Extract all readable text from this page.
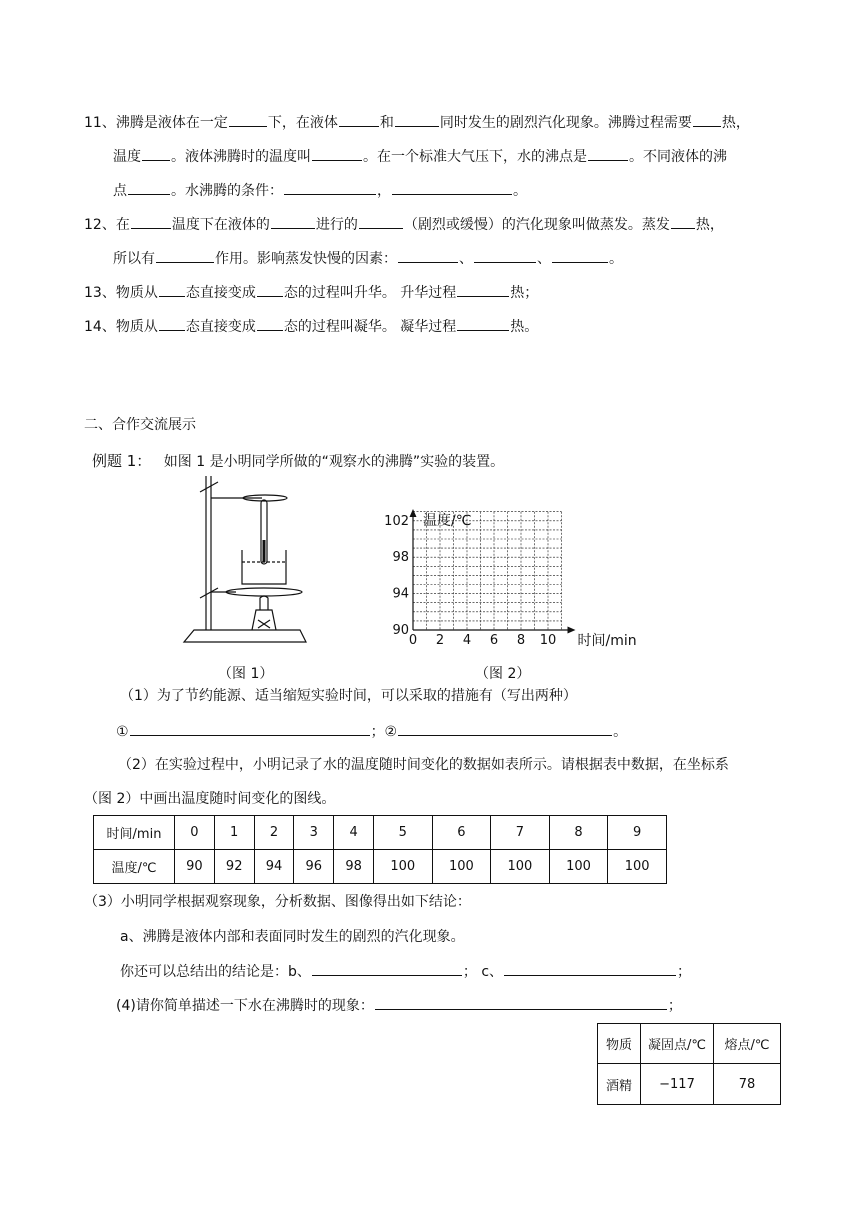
11、沸腾是液体在一定	下，在液体	和	同时发生的剧烈汽化现象。沸腾过程需要 热，
温度 。液体沸腾时的温度叫	。在一个标准大气压下，水的沸点是	。不同液体的沸
点	。水沸腾的条件：	，	。
12、在	温度下在液体的	进行的	（剧烈或缓慢）的汽化现象叫做蒸发。蒸发 热，
所以有	作用。影响蒸发快慢的因素：	、	、	。
13、物质从 态直接变成 态的过程叫升华。 升华过程	热；
14、物质从 态直接变成 态的过程叫凝华。 凝华过程	热。
二、合作交流展示
例题 1： 如图 1 是小明同学所做的“观察水的沸腾”实验的装置。
（图 1）
0 2 4 6 8 10
90
94
98
102 温度/℃
时间/min
（图 2）
（1）为了节约能源、适当缩短实验时间，可以采取的措施有（写出两种）
①	；②	。
（2）在实验过程中，小明记录了水的温度随时间变化的数据如表所示。请根据表中数据，在坐标系
（图 2）中画出温度随时间变化的图线。
时间/min	0	1	2	3	4	5	6	7	8	9
温度/℃	90	92	94	96	98	100	100	100	100	100
（3）小明同学根据观察现象，分析数据、图像得出如下结论：
a、沸腾是液体内部和表面同时发生的剧烈的汽化现象。
你还可以总结出的结论是：b、	； c、	；
(4)请你简单描述一下水在沸腾时的现象：	；
物质	凝固点/℃	熔点/℃
酒精	−117	78
